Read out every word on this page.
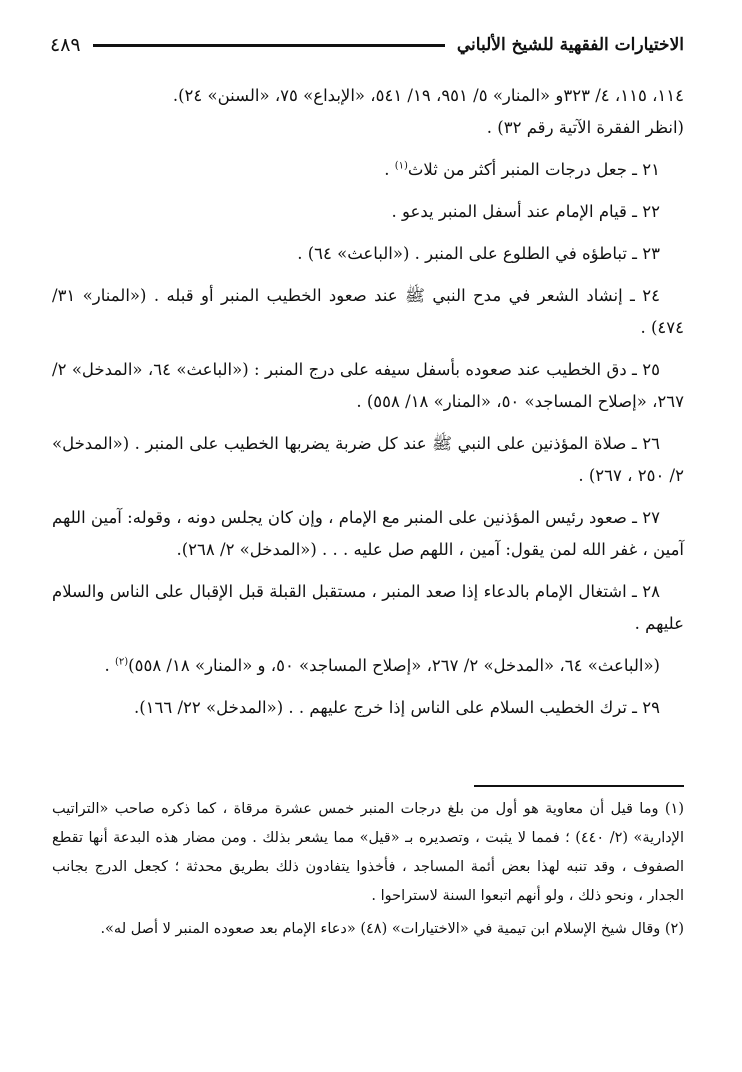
الاختيارات الفقهية للشيخ الألباني
٤٨٩

١١٤، ١١٥، ٤/ ٣٢٣و «المنار» ٥/ ٩٥١، ١٩/ ٥٤١، «الإبداع» ٧٥، «السنن» ٢٤).
(انظر الفقرة الآتية رقم ٣٢) .

٢١ ـ جعل درجات المنبر أكثر من ثلاث$^{(١)}$ .

٢٢ ـ قيام الإمام عند أسفل المنبر يدعو .

٢٣ ـ تباطؤه في الطلوع على المنبر . («الباعث» ٦٤) .

٢٤ ـ إنشاد الشعر في مدح النبي ﷺ عند صعود الخطيب المنبر أو قبله . («المنار» ٣١/ ٤٧٤) .

٢٥ ـ دق الخطيب عند صعوده بأسفل سيفه على درج المنبر : («الباعث» ٦٤، «المدخل» ٢/ ٢٦٧، «إصلاح المساجد» ٥٠، «المنار» ١٨/ ٥٥٨) .

٢٦ ـ صلاة المؤذنين على النبي ﷺ عند كل ضربة يضربها الخطيب على المنبر . («المدخل» ٢/ ٢٥٠ ، ٢٦٧) .

٢٧ ـ صعود رئيس المؤذنين على المنبر مع الإمام ، وإن كان يجلس دونه ، وقوله: آمين اللهم آمين ، غفر الله لمن يقول: آمين ، اللهم صل عليه . . . («المدخل» ٢/ ٢٦٨).

٢٨ ـ اشتغال الإمام بالدعاء إذا صعد المنبر ، مستقبل القبلة قبل الإقبال على الناس والسلام عليهم .

(«الباعث» ٦٤، «المدخل» ٢/ ٢٦٧، «إصلاح المساجد» ٥٠، و «المنار» ١٨/ ٥٥٨)$^{(٢)}$ .

٢٩ ـ ترك الخطيب السلام على الناس إذا خرج عليهم . . («المدخل» ٢٢/ ١٦٦).

(١) وما قيل أن معاوية هو أول من بلغ درجات المنبر خمس عشرة مرقاة ، كما ذكره صاحب «التراتيب الإدارية» (٢/ ٤٤٠) ؛ فمما لا يثبت ، وتصديره بـ «قيل» مما يشعر بذلك . ومن مضار هذه البدعة أنها تقطع الصفوف ، وقد تنبه لهذا بعض أئمة المساجد ، فأخذوا يتفادون ذلك بطريق محدثة ؛ كجعل الدرج بجانب الجدار ، ونحو ذلك ، ولو أنهم اتبعوا السنة لاستراحوا .

(٢) وقال شيخ الإسلام ابن تيمية في «الاختيارات» (٤٨) «دعاء الإمام بعد صعوده المنبر لا أصل له».
